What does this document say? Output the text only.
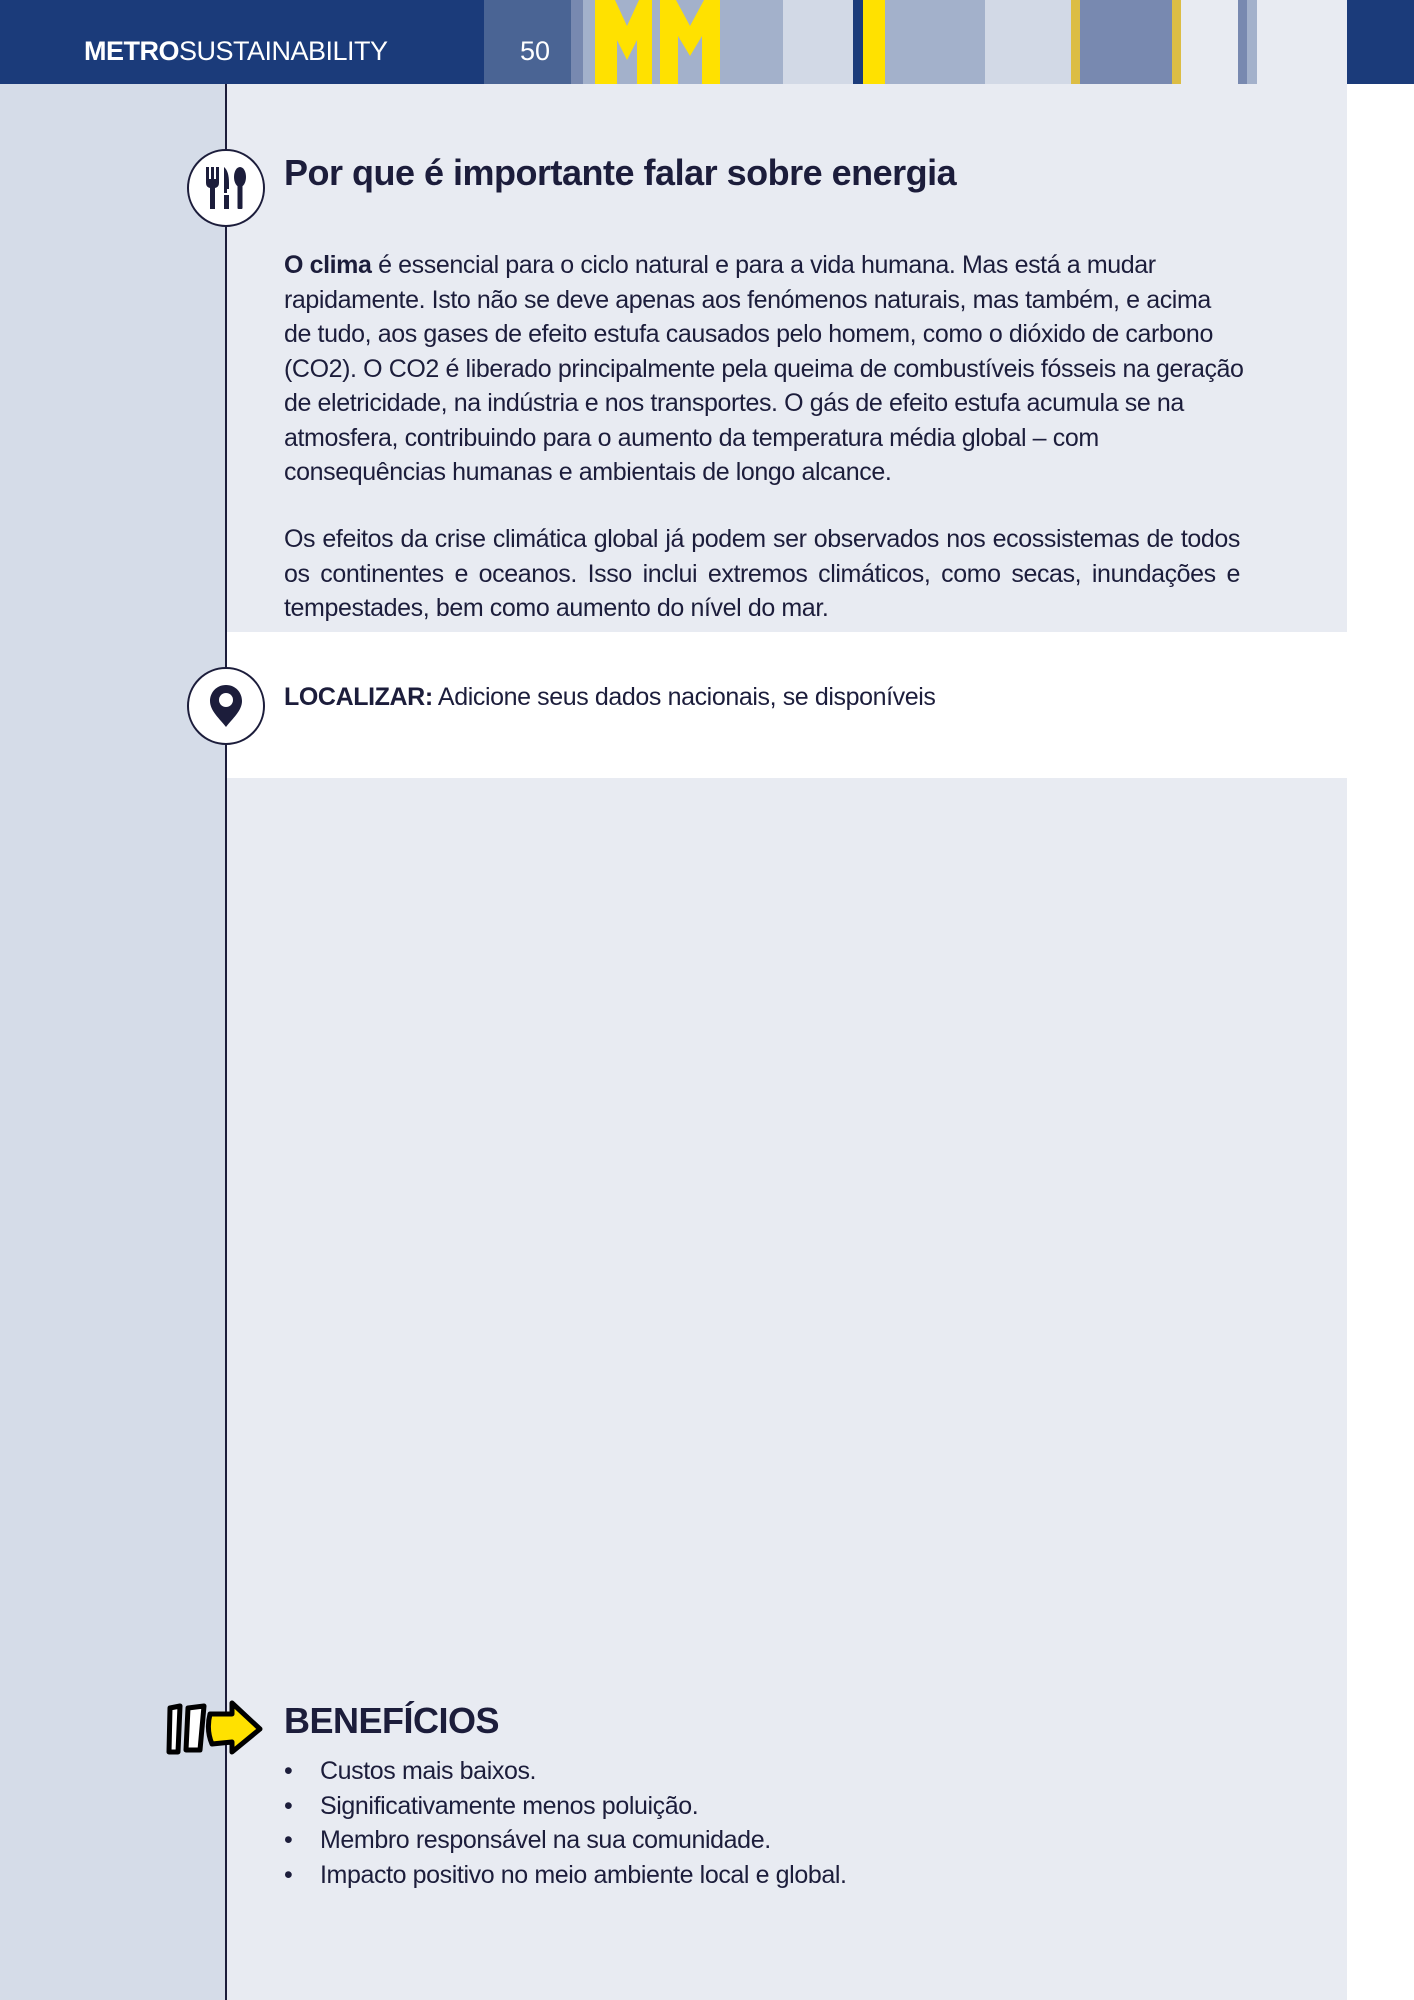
METROSUSTAINABILITY	50
Por que é importante falar sobre energia
O clima é essencial para o ciclo natural e para a vida humana. Mas está a mudar rapidamente. Isto não se deve apenas aos fenómenos naturais, mas também, e acima de tudo, aos gases de efeito estufa causados pelo homem, como o dióxido de carbono (CO2). O CO2 é liberado principalmente pela queima de combustíveis fósseis na geração de eletricidade, na indústria e nos transportes. O gás de efeito estufa acumula se na atmosfera, contribuindo para o aumento da temperatura média global – com consequências humanas e ambientais de longo alcance.
Os efeitos da crise climática global já podem ser observados nos ecossistemas de todos os continentes e oceanos. Isso inclui extremos climáticos, como secas, inundações e tempestades, bem como aumento do nível do mar.
LOCALIZAR: Adicione seus dados nacionais, se disponíveis
BENEFÍCIOS
• Custos mais baixos.
• Significativamente menos poluição.
• Membro responsável na sua comunidade.
• Impacto positivo no meio ambiente local e global.
